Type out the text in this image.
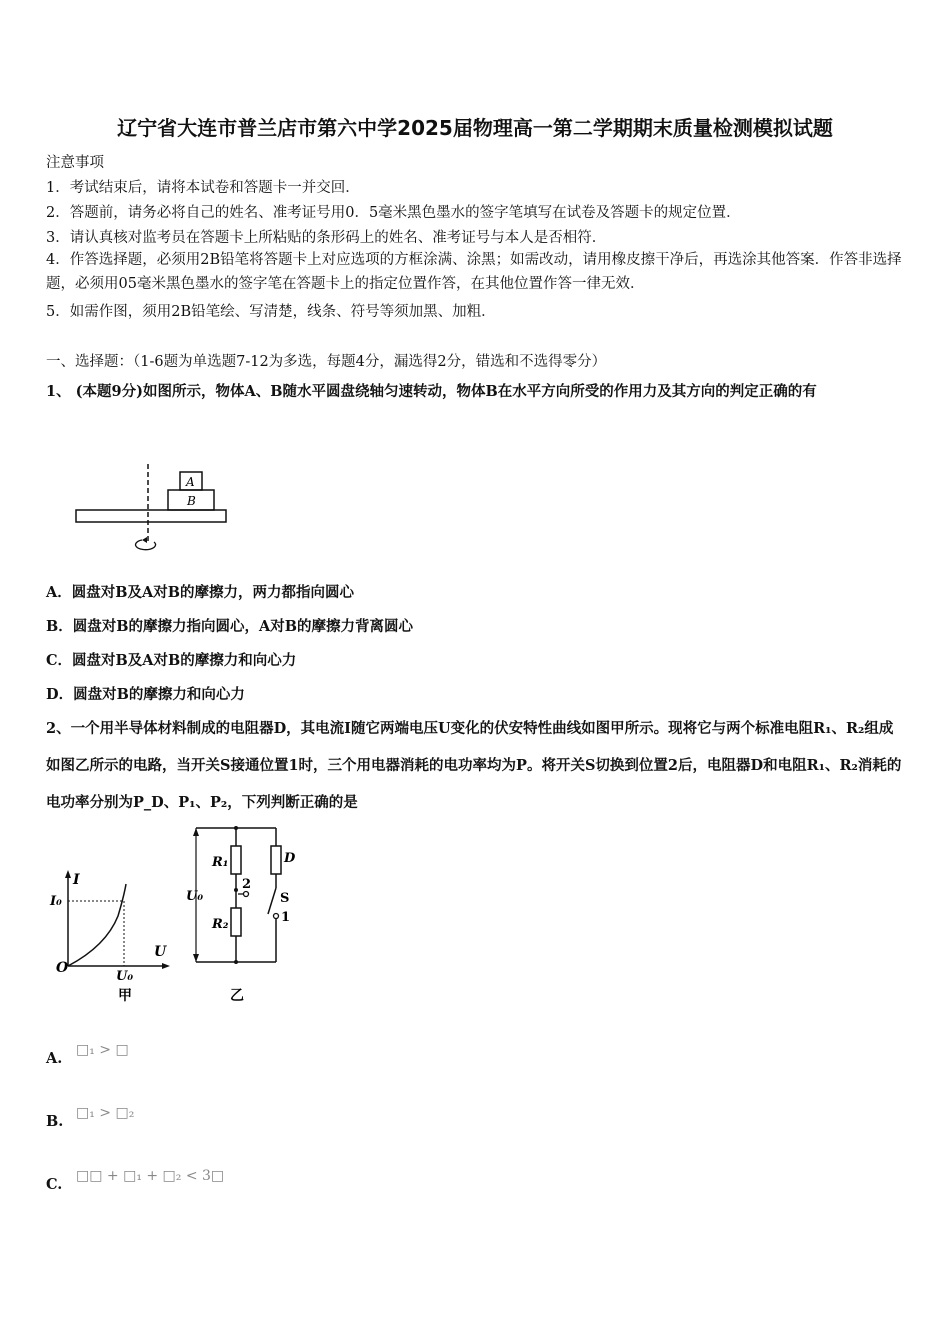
辽宁省大连市普兰店市第六中学2025届物理高一第二学期期末质量检测模拟试题
注意事项
1．考试结束后，请将本试卷和答题卡一并交回．
2．答题前，请务必将自己的姓名、准考证号用0．5毫米黑色墨水的签字笔填写在试卷及答题卡的规定位置．
3．请认真核对监考员在答题卡上所粘贴的条形码上的姓名、准考证号与本人是否相符．
4．作答选择题，必须用2B铅笔将答题卡上对应选项的方框涂满、涂黑；如需改动，请用橡皮擦干净后，再选涂其他答案．作答非选择题，必须用05毫米黑色墨水的签字笔在答题卡上的指定位置作答，在其他位置作答一律无效．
5．如需作图，须用2B铅笔绘、写清楚，线条、符号等须加黑、加粗．
一、选择题：（1-6题为单选题7-12为多选，每题4分，漏选得2分，错选和不选得零分）
1、 (本题9分)如图所示，物体A、B随水平圆盘绕轴匀速转动，物体B在水平方向所受的作用力及其方向的判定正确的有
A
B
A．圆盘对B及A对B的摩擦力，两力都指向圆心
B．圆盘对B的摩擦力指向圆心，A对B的摩擦力背离圆心
C．圆盘对B及A对B的摩擦力和向心力
D．圆盘对B的摩擦力和向心力
2、一个用半导体材料制成的电阻器D，其电流I随它两端电压U变化的伏安特性曲线如图甲所示。现将它与两个标准电阻R₁、R₂组成如图乙所示的电路，当开关S接通位置1时，三个用电器消耗的电功率均为P。将开关S切换到位置2后，电阻器D和电阻R₁、R₂消耗的电功率分别为P_D、P₁、P₂，下列判断正确的是
I
U
O
I₀
U₀
甲
U₀
R₁
R₂
D
S
2
1
乙
A. □₁ > □
B. □₁ > □₂
C. □□ + □₁ + □₂ < 3□
